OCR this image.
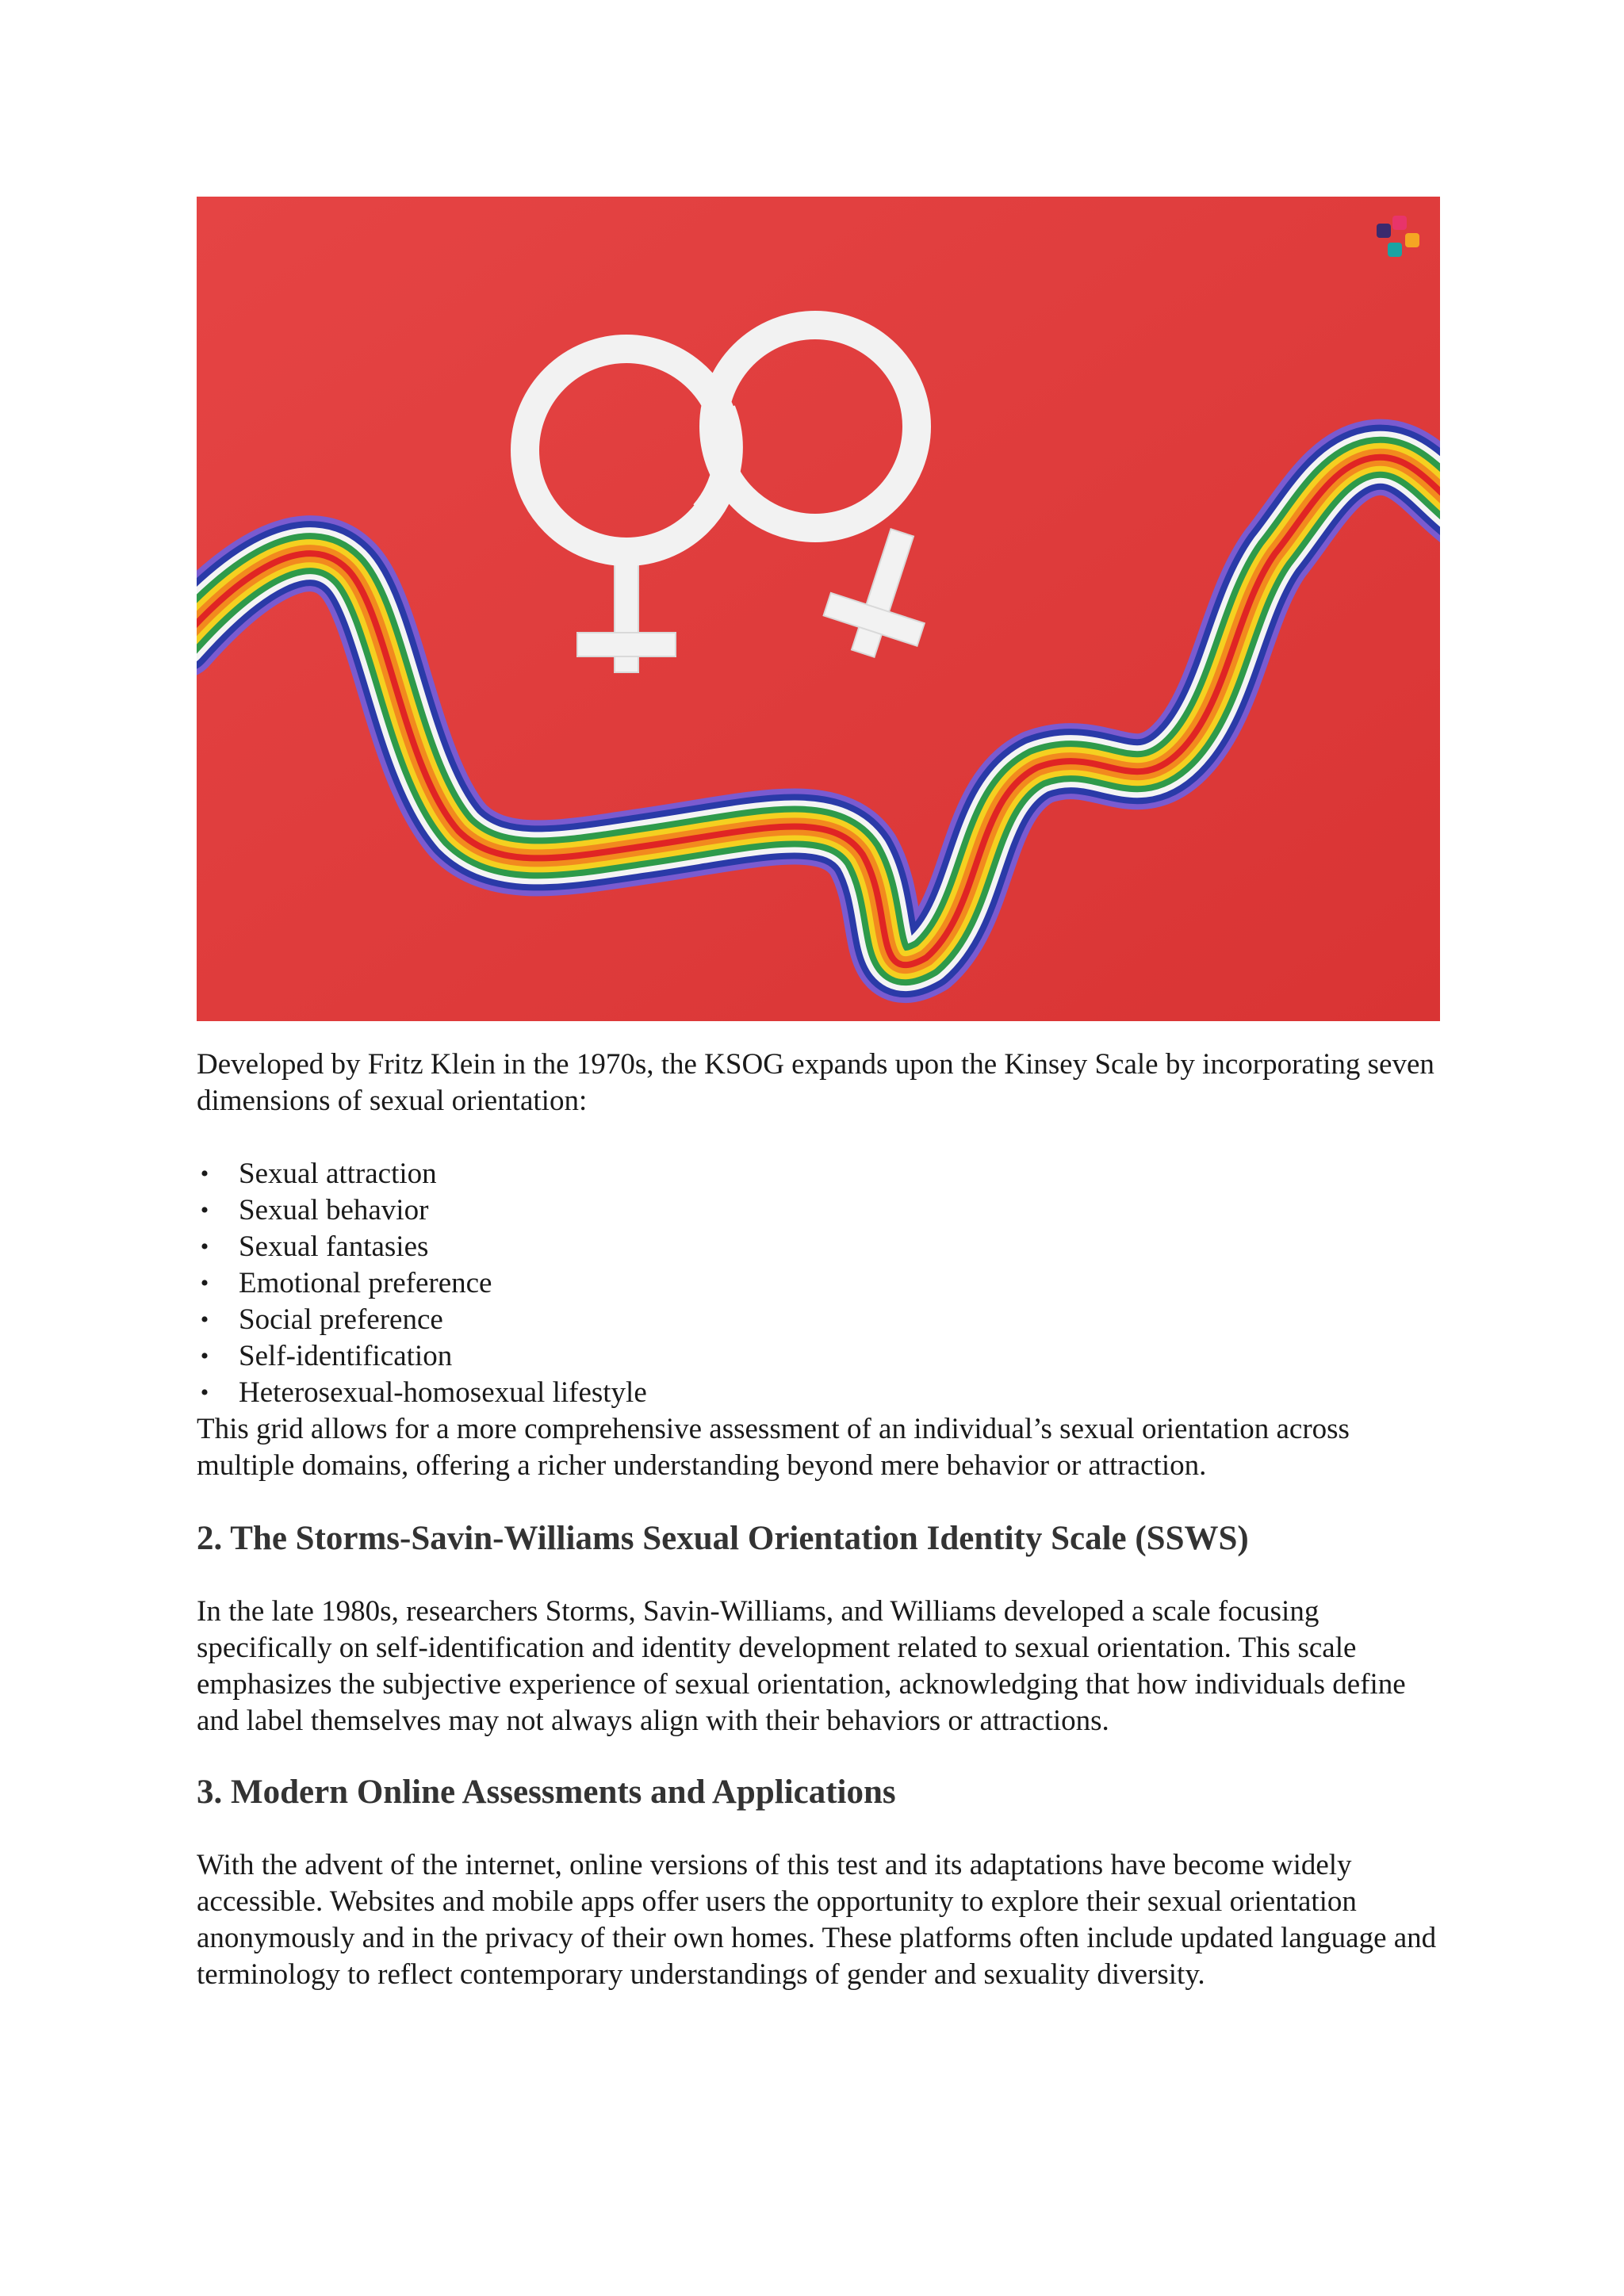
Developed by Fritz Klein in the 1970s, the KSOG expands upon the Kinsey Scale by incorporating seven dimensions of sexual orientation:

• Sexual attraction
• Sexual behavior
• Sexual fantasies
• Emotional preference
• Social preference
• Self-identification
• Heterosexual-homosexual lifestyle

This grid allows for a more comprehensive assessment of an individual’s sexual orientation across multiple domains, offering a richer understanding beyond mere behavior or attraction.

2. The Storms-Savin-Williams Sexual Orientation Identity Scale (SSWS)

In the late 1980s, researchers Storms, Savin-Williams, and Williams developed a scale focusing specifically on self-identification and identity development related to sexual orientation. This scale emphasizes the subjective experience of sexual orientation, acknowledging that how individuals define and label themselves may not always align with their behaviors or attractions.

3. Modern Online Assessments and Applications

With the advent of the internet, online versions of this test and its adaptations have become widely accessible. Websites and mobile apps offer users the opportunity to explore their sexual orientation anonymously and in the privacy of their own homes. These platforms often include updated language and terminology to reflect contemporary understandings of gender and sexuality diversity.
